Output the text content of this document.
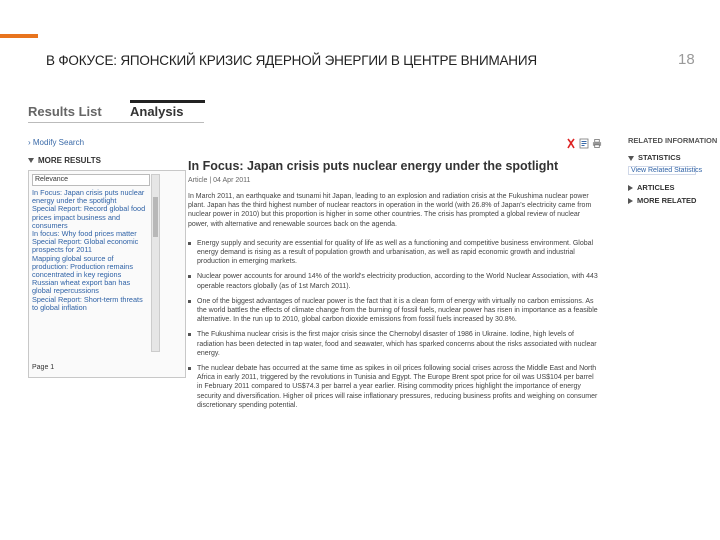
В ФОКУСЕ: ЯПОНСКИЙ КРИЗИС ЯДЕРНОЙ ЭНЕРГИИ В ЦЕНТРЕ ВНИМАНИЯ	18
Results List Analysis
› Modify Search
MORE RESULTS
Relevance
In Focus: Japan crisis puts nuclear energy under the spotlight
Special Report: Record global food prices impact business and consumers
In focus: Why food prices matter
Special Report: Global economic prospects for 2011
Mapping global source of production: Production remains concentrated in key regions
Russian wheat export ban has global repercussions
Special Report: Short-term threats to global inflation
Page 1
In Focus: Japan crisis puts nuclear energy under the spotlight
Article | 04 Apr 2011
In March 2011, an earthquake and tsunami hit Japan, leading to an explosion and radiation crisis at the Fukushima nuclear power plant. Japan has the third highest number of nuclear reactors in operation in the world (with 26.8% of Japan's electricity came from nuclear power in 2010) but this proportion is higher in some other countries. The crisis has prompted a global review of nuclear power, with alternative and renewable sources back on the agenda.
Energy supply and security are essential for quality of life as well as a functioning and competitive business environment. Global energy demand is rising as a result of population growth and urbanisation, as well as rapid economic growth and industrial production in emerging markets.
Nuclear power accounts for around 14% of the world's electricity production, according to the World Nuclear Association, with 443 operable reactors globally (as of 1st March 2011).
One of the biggest advantages of nuclear power is the fact that it is a clean form of energy with virtually no carbon emissions. As the world battles the effects of climate change from the burning of fossil fuels, nuclear power has risen in importance as a feasible alternative. In the run up to 2010, global carbon dioxide emissions from fossil fuels increased by 30.8%.
The Fukushima nuclear crisis is the first major crisis since the Chernobyl disaster of 1986 in Ukraine. Iodine, high levels of radiation has been detected in tap water, food and seawater, which has sparked concerns about the risks associated with nuclear energy.
The nuclear debate has occurred at the same time as spikes in oil prices following social crises across the Middle East and North Africa in early 2011, triggered by the revolutions in Tunisia and Egypt. The Europe Brent spot price for oil was US$104 per barrel in February 2011 compared to US$74.3 per barrel a year earlier. Rising commodity prices highlight the importance of energy security and diversification. Higher oil prices will raise inflationary pressures, reducing business profits and weighing on consumer discretionary spending potential.
RELATED INFORMATION
STATISTICS
View Related Statistics
ARTICLES
MORE RELATED
